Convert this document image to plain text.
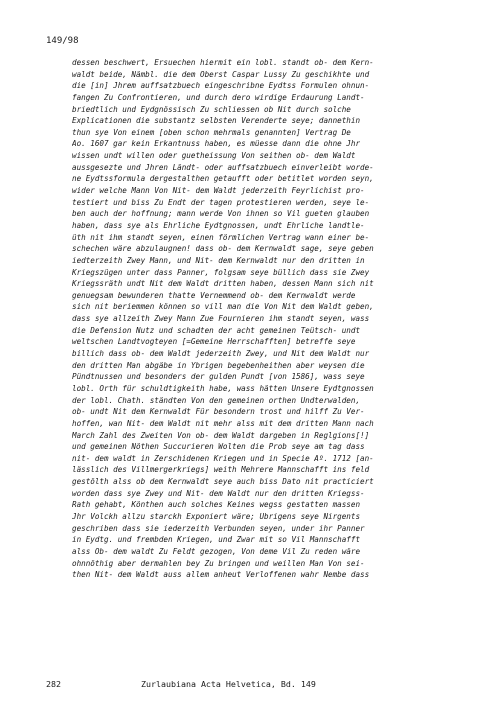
149/98
dessen beschwert, Ersuechen hiermit ein lobl. standt ob- dem Kern-
waldt beide, Nämbl. die dem Oberst Caspar Lussy Zu geschikhte und
die [in] Jhrem auffsatzbuech eingeschribne Eydtss Formulen ohnun-
fangen Zu Confrontieren, und durch dero wirdige Erdaurung Landt-
briedtlich und Eydgnössisch Zu schliessen ob Nit durch solche
Explicationen die substantz selbsten Verenderte seye; dannethin
thun sye Von einem [oben schon mehrmals genannten] Vertrag De
Ao. 1607 gar kein Erkantnuss haben, es müesse dann die ohne Jhr
wissen undt willen oder guetheissung Von seithen ob- dem Waldt
aussgesezte und Jhren Ländt- oder auffsatzbuech einverleibt worde-
ne Eydtssformula dergestalthen getaufft oder betitlet worden seyn,
wider welche Mann Von Nit- dem Waldt jederzeith Feyrlichist pro-
testiert und biss Zu Endt der tagen protestieren werden, seye le-
ben auch der hoffnung; mann werde Von ihnen so Vil gueten glauben
haben, dass sye als Ehrliche Eydtgnossen, undt Ehrliche landtle-
üth nit ihm standt seyen, einen förmlichen Vertrag wann einer be-
schechen wäre abzulaugnen! dass ob- dem Kernwaldt sage, seye geben
iedterzeith Zwey Mann, und Nit- dem Kernwaldt nur den dritten in
Kriegszügen unter dass Panner, folgsam seye büllich dass sie Zwey
Kriegssräth undt Nit dem Waldt dritten haben, dessen Mann sich nit
genuegsam bewunderen thatte Vernemmend ob- dem Kernwaldt werde
sich nit beriemmen können so vill man die Von Nit dem Waldt geben,
dass sye allzeith Zwey Mann Zue Fournieren ihm standt seyen, wass
die Defension Nutz und schadten der acht gemeinen Teütsch- undt
weltschen Landtvogteyen [=Gemeine Herrschafften] betreffe seye
billich dass ob- dem Waldt jederzeith Zwey, und Nit dem Waldt nur
den dritten Man abgäbe in Ybrigen begebenheithen aber weysen die
Pündtnussen und besonders der gulden Pundt [von 1586], wass seye
lobl. Orth für schuldtigkeith habe, wass hätten Unsere Eydtgnossen
der lobl. Chath. ständten Von den gemeinen orthen Undterwalden,
ob- undt Nit dem Kernwaldt Für besondern trost und hilff Zu Ver-
hoffen, wan Nit- dem Waldt nit mehr alss mit dem dritten Mann nach
March Zahl des Zweiten Von ob- dem Waldt dargeben in Reglgions[!]
und gemeinen Nöthen Succurieren Wolten die Prob seye am tag dass
nit- dem waldt in Zerschidenen Kriegen und in Specie Aº. 1712 [an-
lässlich des Villmergerkriegs] weith Mehrere Mannschafft ins feld
gestölth alss ob dem Kernwaldt seye auch biss Dato nit practiciert
worden dass sye Zwey und Nit- dem Waldt nur den dritten Kriegss-
Rath gehabt, Könthen auch solches Keines wegss gestatten massen
Jhr Volckh allzu starckh Exponiert wäre; Ubrigens seye Nirgents
geschriben dass sie iederzeith Verbunden seyen, under ihr Panner
in Eydtg. und frembden Kriegen, und Zwar mit so Vil Mannschafft
alss Ob- dem waldt Zu Feldt gezogen, Von deme Vil Zu reden wäre
ohnnöthig aber dermahlen bey Zu bringen und weillen Man Von sei-
then Nit- dem Waldt auss allem anheut Verloffenen wahr Nembe dass
282	Zurlaubiana Acta Helvetica, Bd. 149
